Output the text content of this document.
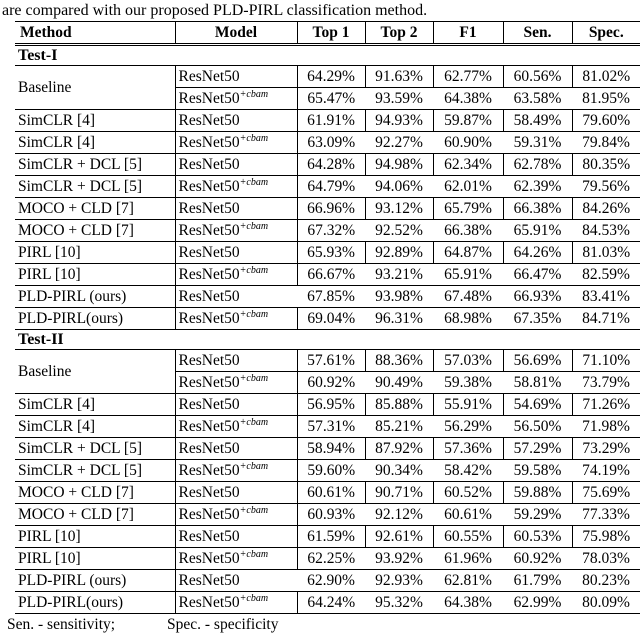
are compared with our proposed PLD-PIRL classification method.
Method	Model	Top 1	Top 2	F1	Sen.	Spec.
Test-I						
Baseline	ResNet50	64.29%	91.63%	62.77%	60.56%	81.02%
	$ResNet50^{+cbam}$	65.47%	93.59%	64.38%	63.58%	81.95%
SimCLR [4]	ResNet50	61.91%	94.93%	59.87%	58.49%	79.60%
SimCLR [4]	$ResNet50^{+cbam}$	63.09%	92.27%	60.90%	59.31%	79.84%
SimCLR + DCL [5]	ResNet50	64.28%	94.98%	62.34%	62.78%	80.35%
SimCLR + DCL [5]	$ResNet50^{+cbam}$	64.79%	94.06%	62.01%	62.39%	79.56%
MOCO + CLD [7]	ResNet50	66.96%	93.12%	65.79%	66.38%	84.26%
MOCO + CLD [7]	$ResNet50^{+cbam}$	67.32%	92.52%	66.38%	65.91%	84.53%
PIRL [10]	ResNet50	65.93%	92.89%	64.87%	64.26%	81.03%
PIRL [10]	$ResNet50^{+cbam}$	66.67%	93.21%	65.91%	66.47%	82.59%
PLD-PIRL (ours)	ResNet50	67.85%	93.98%	67.48%	66.93%	83.41%
PLD-PIRL(ours)	$ResNet50^{+cbam}$	69.04%	96.31%	68.98%	67.35%	84.71%
Test-II						
Baseline	ResNet50	57.61%	88.36%	57.03%	56.69%	71.10%
	$ResNet50^{+cbam}$	60.92%	90.49%	59.38%	58.81%	73.79%
SimCLR [4]	ResNet50	56.95%	85.88%	55.91%	54.69%	71.26%
SimCLR [4]	$ResNet50^{+cbam}$	57.31%	85.21%	56.29%	56.50%	71.98%
SimCLR + DCL [5]	ResNet50	58.94%	87.92%	57.36%	57.29%	73.29%
SimCLR + DCL [5]	$ResNet50^{+cbam}$	59.60%	90.34%	58.42%	59.58%	74.19%
MOCO + CLD [7]	ResNet50	60.61%	90.71%	60.52%	59.88%	75.69%
MOCO + CLD [7]	$ResNet50^{+cbam}$	60.93%	92.12%	60.61%	59.29%	77.33%
PIRL [10]	ResNet50	61.59%	92.61%	60.55%	60.53%	75.98%
PIRL [10]	$ResNet50^{+cbam}$	62.25%	93.92%	61.96%	60.92%	78.03%
PLD-PIRL (ours)	ResNet50	62.90%	92.93%	62.81%	61.79%	80.23%
PLD-PIRL(ours)	$ResNet50^{+cbam}$	64.24%	95.32%	64.38%	62.99%	80.09%
Sen. - sensitivity;	Spec. - specificity
